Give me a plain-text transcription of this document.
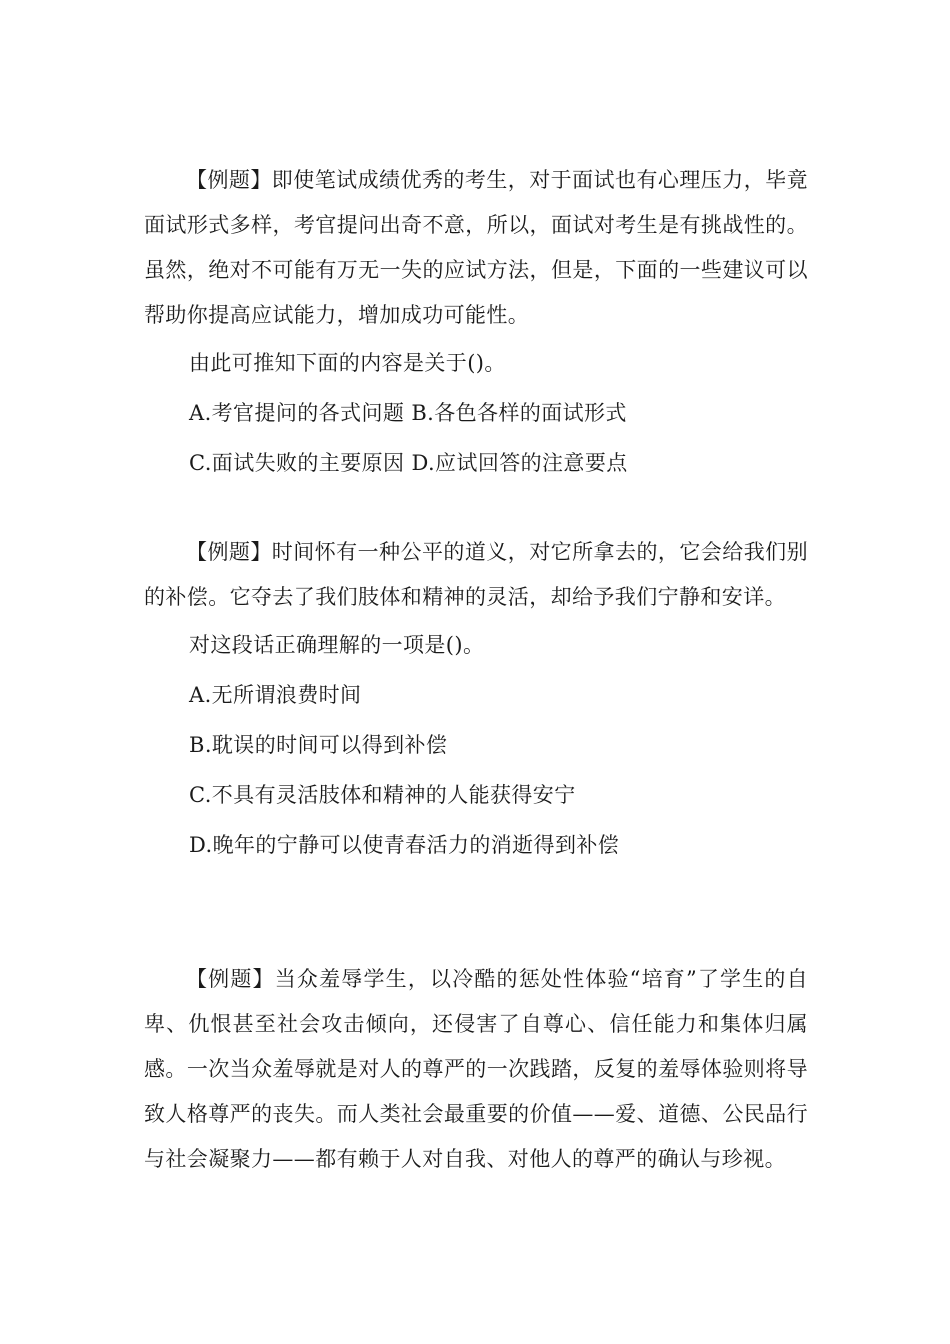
【例题】即使笔试成绩优秀的考生，对于面试也有心理压力，毕竟面试形式多样，考官提问出奇不意，所以，面试对考生是有挑战性的。虽然，绝对不可能有万无一失的应试方法，但是，下面的一些建议可以帮助你提高应试能力，增加成功可能性。

由此可推知下面的内容是关于()。

A.考官提问的各式问题 B.各色各样的面试形式

C.面试失败的主要原因 D.应试回答的注意要点

【例题】时间怀有一种公平的道义，对它所拿去的，它会给我们别的补偿。它夺去了我们肢体和精神的灵活，却给予我们宁静和安详。

对这段话正确理解的一项是()。

A.无所谓浪费时间

B.耽误的时间可以得到补偿

C.不具有灵活肢体和精神的人能获得安宁

D.晚年的宁静可以使青春活力的消逝得到补偿

【例题】当众羞辱学生，以冷酷的惩处性体验“培育”了学生的自卑、仇恨甚至社会攻击倾向，还侵害了自尊心、信任能力和集体归属感。一次当众羞辱就是对人的尊严的一次践踏，反复的羞辱体验则将导致人格尊严的丧失。而人类社会最重要的价值——爱、道德、公民品行与社会凝聚力——都有赖于人对自我、对他人的尊严的确认与珍视。
